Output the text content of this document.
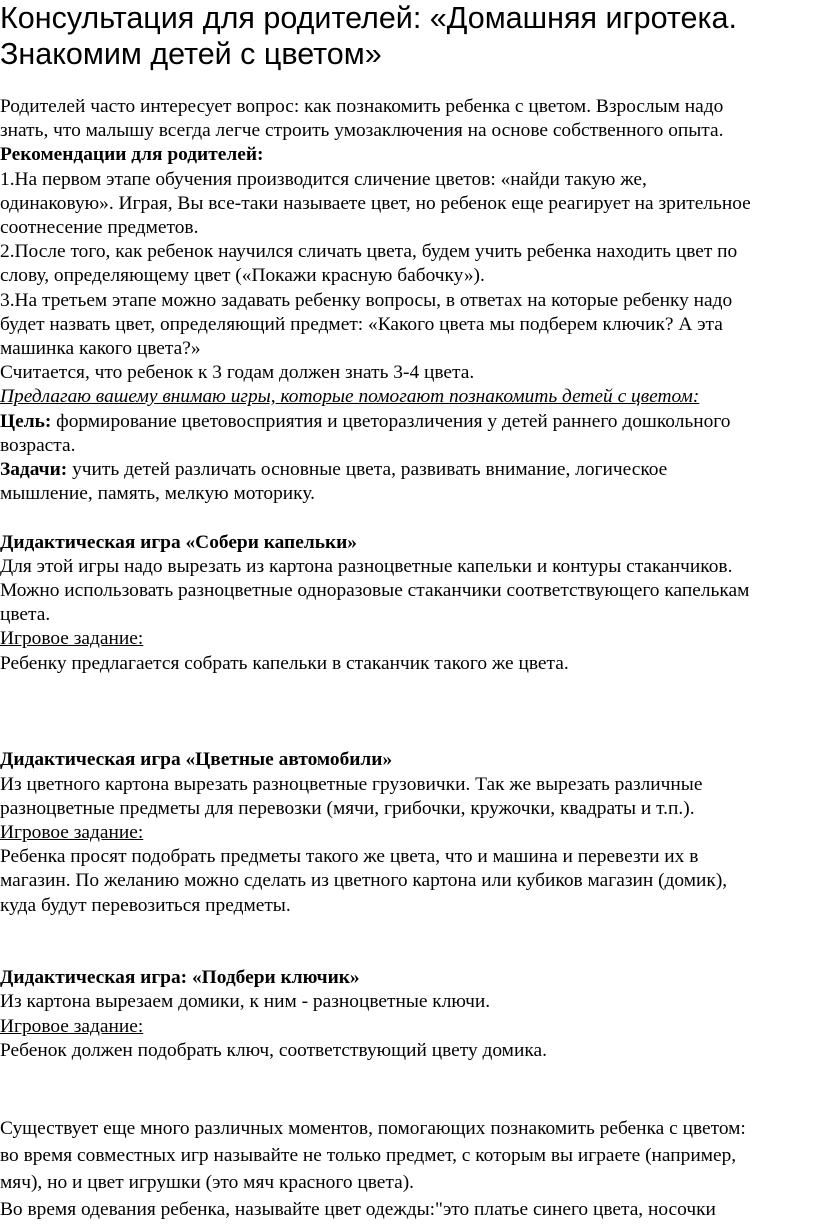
Консультация для родителей: «Домашняя игротека.
Знакомим детей с цветом»

Родителей часто интересует вопрос: как познакомить ребенка с цветом. Взрослым надо

знать, что малышу всегда легче строить умозаключения на основе собственного опыта.

Рекомендации для родителей:

1.На первом этапе обучения производится сличение цветов: «найди такую же,

одинаковую». Играя, Вы все-таки называете цвет, но ребенок еще реагирует на зрительное

соотнесение предметов.

2.После того, как ребенок научился сличать цвета, будем учить ребенка находить цвет по

слову, определяющему цвет («Покажи красную бабочку»).

3.На третьем этапе можно задавать ребенку вопросы, в ответах на которые ребенку надо

будет назвать цвет, определяющий предмет: «Какого цвета мы подберем ключик? А эта

машинка какого цвета?»

Считается, что ребенок к 3 годам должен знать 3-4 цвета.

Предлагаю вашему внимаю игры, которые помогают познакомить детей с цветом:

Цель: формирование цветовосприятия и цветоразличения у детей раннего дошкольного

возраста.

Задачи: учить детей различать основные цвета, развивать внимание, логическое

мышление, память, мелкую моторику.

Дидактическая игра «Собери капельки»

Для этой игры надо вырезать из картона разноцветные капельки и контуры стаканчиков.

Можно использовать разноцветные одноразовые стаканчики соответствующего капелькам

цвета.

Игровое задание:

Ребенку предлагается собрать капельки в стаканчик такого же цвета.

Дидактическая игра «Цветные автомобили»

Из цветного картона вырезать разноцветные грузовички. Так же вырезать различные

разноцветные предметы для перевозки (мячи, грибочки, кружочки, квадраты и т.п.).

Игровое задание:

Ребенка просят подобрать предметы такого же цвета, что и машина и перевезти их в

магазин. По желанию можно сделать из цветного картона или кубиков магазин (домик),

куда будут перевозиться предметы.

Дидактическая игра: «Подбери ключик»

Из картона вырезаем домики, к ним - разноцветные ключи.

Игровое задание:

Ребенок должен подобрать ключ, соответствующий цвету домика.

Существует еще много различных моментов, помогающих познакомить ребенка с цветом:

во время совместных игр называйте не только предмет, с которым вы играете (например,

мяч), но и цвет игрушки (это мяч красного цвета).

Во время одевания ребенка, называйте цвет одежды:"это платье синего цвета, носочки
